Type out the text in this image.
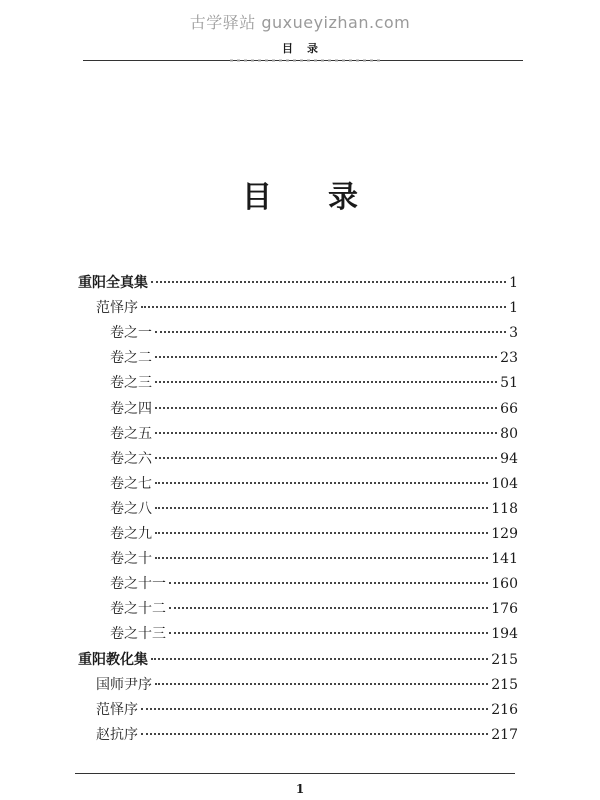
古学驿站 guxueyizhan.com
目录
目录
重阳全真集	1
范怿序	1
卷之一	3
卷之二	23
卷之三	51
卷之四	66
卷之五	80
卷之六	94
卷之七	104
卷之八	118
卷之九	129
卷之十	141
卷之十一	160
卷之十二	176
卷之十三	194
重阳教化集	215
国师尹序	215
范怿序	216
赵抗序	217
1
